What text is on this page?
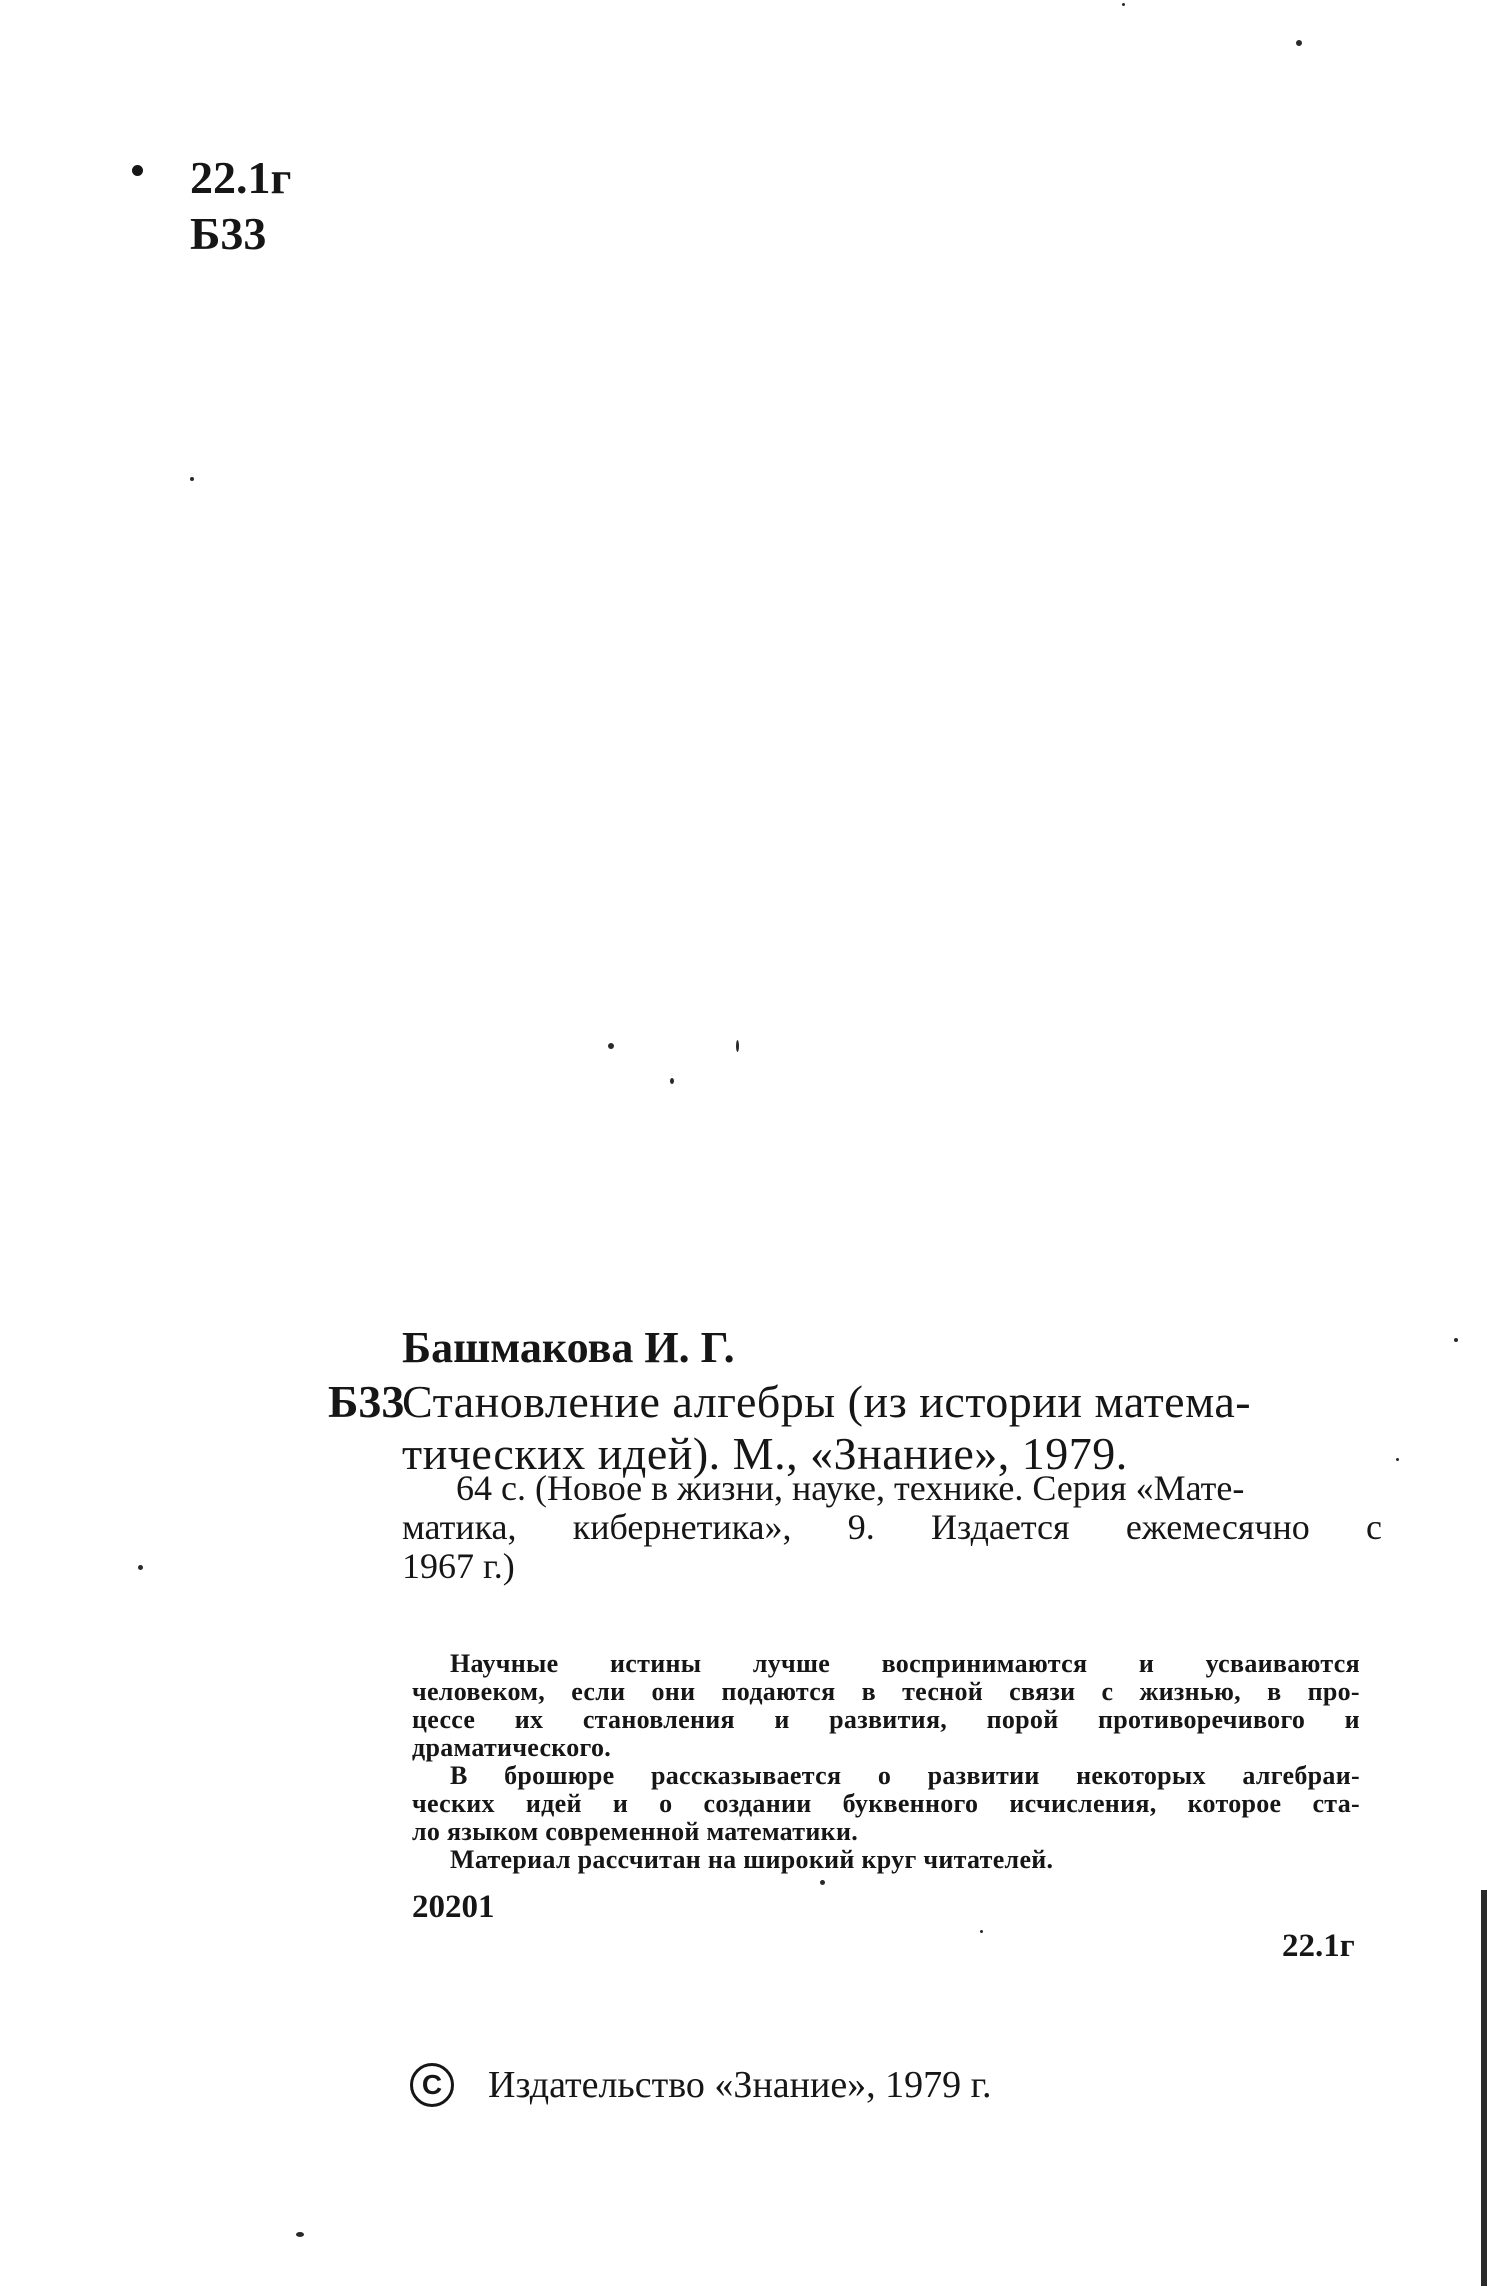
22.1г
Б33
Башмакова И. Г.
Б33
Становление алгебры (из истории матема-
тических идей). М., «Знание», 1979.
64 с. (Новое в жизни, науке, технике. Серия «Мате-
матика, кибернетика», 9. Издается ежемесячно с
1967 г.)
Научные истины лучше воспринимаются и усваиваются
человеком, если они подаются в тесной связи с жизнью, в про-
цессе их становления и развития, порой противоречивого и
драматического.
В брошюре рассказывается о развитии некоторых алгебраи-
ческих идей и о создании буквенного исчисления, которое ста-
ло языком современной математики.
Материал рассчитан на широкий круг читателей.
20201
22.1г
C	Издательство «Знание», 1979 г.
